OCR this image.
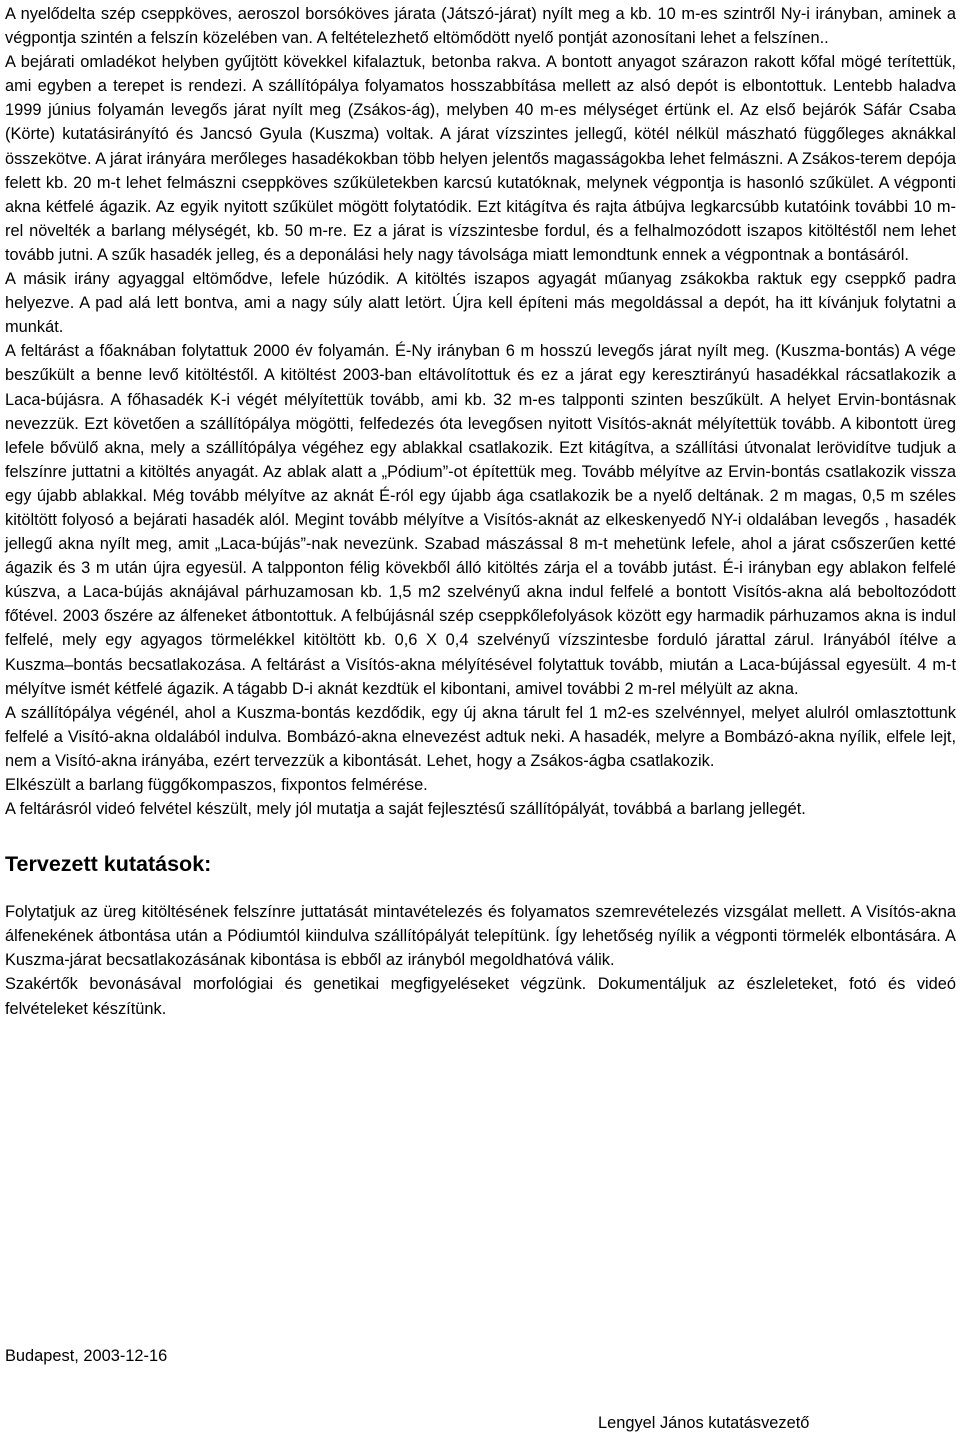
A nyelődelta szép cseppköves, aeroszol borsóköves járata (Játszó-járat) nyílt meg a kb. 10 m-es szintről Ny-i irányban, aminek a végpontja szintén a felszín közelében van. A feltételezhető eltömődött nyelő pontját azonosítani lehet a felszínen..

A bejárati omladékot helyben gyűjtött kövekkel kifalaztuk, betonba rakva. A bontott anyagot szárazon rakott kőfal mögé terítettük, ami egyben a terepet is rendezi. A szállítópálya folyamatos hosszabbítása mellett az alsó depót is elbontottuk. Lentebb haladva 1999 június folyamán levegős járat nyílt meg (Zsákos-ág), melyben 40 m-es mélységet értünk el. Az első bejárók Sáfár Csaba (Körte) kutatásirányító és Jancsó Gyula (Kuszma) voltak. A járat vízszintes jellegű, kötél nélkül mászható függőleges aknákkal összekötve. A járat irányára merőleges hasadékokban több helyen jelentős magasságokba lehet felmászni. A Zsákos-terem depója felett kb. 20 m-t lehet felmászni cseppköves szűkületekben karcsú kutatóknak, melynek végpontja is hasonló szűkület. A végponti akna kétfelé ágazik. Az egyik nyitott szűkület mögött folytatódik. Ezt kitágítva és rajta átbújva legkarcsúbb kutatóink további 10 m-rel növelték a barlang mélységét, kb. 50 m-re. Ez a járat is vízszintesbe fordul, és a felhalmozódott iszapos kitöltéstől nem lehet tovább jutni. A szűk hasadék jelleg, és a deponálási hely nagy távolsága miatt lemondtunk ennek a végpontnak a bontásáról.

A másik irány agyaggal eltömődve, lefele húzódik. A kitöltés iszapos agyagát műanyag zsákokba raktuk egy cseppkő padra helyezve. A pad alá lett bontva, ami a nagy súly alatt letört. Újra kell építeni más megoldással a depót, ha itt kívánjuk folytatni a munkát.

A feltárást a főaknában folytattuk 2000 év folyamán. É-Ny irányban 6 m hosszú levegős járat nyílt meg. (Kuszma-bontás) A vége beszűkült a benne levő kitöltéstől. A kitöltést 2003-ban eltávolítottuk és ez a járat egy keresztirányú hasadékkal rácsatlakozik a Laca-bújásra. A főhasadék K-i végét mélyítettük tovább, ami kb. 32 m-es talpponti szinten beszűkült. A helyet Ervin-bontásnak nevezzük. Ezt követően a szállítópálya mögötti, felfedezés óta levegősen nyitott Visítós-aknát mélyítettük tovább. A kibontott üreg lefele bővülő akna, mely a szállítópálya végéhez egy ablakkal csatlakozik. Ezt kitágítva, a szállítási útvonalat lerövidítve tudjuk a felszínre juttatni a kitöltés anyagát. Az ablak alatt a „Pódium”-ot építettük meg. Tovább mélyítve az Ervin-bontás csatlakozik vissza egy újabb ablakkal. Még tovább mélyítve az aknát É-ról egy újabb ága csatlakozik be a nyelő deltának. 2 m magas, 0,5 m széles kitöltött folyosó a bejárati hasadék alól. Megint tovább mélyítve a Visítós-aknát az elkeskenyedő NY-i oldalában levegős , hasadék jellegű akna nyílt meg, amit „Laca-bújás”-nak nevezünk. Szabad mászással 8 m-t mehetünk lefele, ahol a járat csőszerűen ketté ágazik és 3 m után újra egyesül. A talpponton félig kövekből álló kitöltés zárja el a tovább jutást. É-i irányban egy ablakon felfelé kúszva, a Laca-bújás aknájával párhuzamosan kb. 1,5 m2 szelvényű akna indul felfelé a bontott Visítós-akna alá beboltozódott főtével. 2003 őszére az álfeneket átbontottuk. A felbújásnál szép cseppkőlefolyások között egy harmadik párhuzamos akna is indul felfelé, mely egy agyagos törmelékkel kitöltött kb. 0,6 X 0,4 szelvényű vízszintesbe forduló járattal zárul. Irányából ítélve a Kuszma–bontás becsatlakozása. A feltárást a Visítós-akna mélyítésével folytattuk tovább, miután a Laca-bújással egyesült. 4 m-t mélyítve ismét kétfelé ágazik. A tágabb D-i aknát kezdtük el kibontani, amivel további 2 m-rel mélyült az akna.

A szállítópálya végénél, ahol a Kuszma-bontás kezdődik, egy új akna tárult fel 1 m2-es szelvénnyel, melyet alulról omlasztottunk felfelé a Visító-akna oldalából indulva. Bombázó-akna elnevezést adtuk neki. A hasadék, melyre a Bombázó-akna nyílik, elfele lejt, nem a Visító-akna irányába, ezért tervezzük a kibontását. Lehet, hogy a Zsákos-ágba csatlakozik.

Elkészült a barlang függőkompaszos, fixpontos felmérése.

A feltárásról videó felvétel készült, mely jól mutatja a saját fejlesztésű szállítópályát, továbbá a barlang jellegét.

Tervezett kutatások:

Folytatjuk az üreg kitöltésének felszínre juttatását mintavételezés és folyamatos szemrevételezés vizsgálat mellett. A Visítós-akna álfenekének átbontása után a Pódiumtól kiindulva szállítópályát telepítünk. Így lehetőség nyílik a végponti törmelék elbontására. A Kuszma-járat becsatlakozásának kibontása is ebből az irányból megoldhatóvá válik.

Szakértők bevonásával morfológiai és genetikai megfigyeléseket végzünk. Dokumentáljuk az észleleteket, fotó és videó felvételeket készítünk.

Budapest, 2003-12-16
Lengyel János kutatásvezető
